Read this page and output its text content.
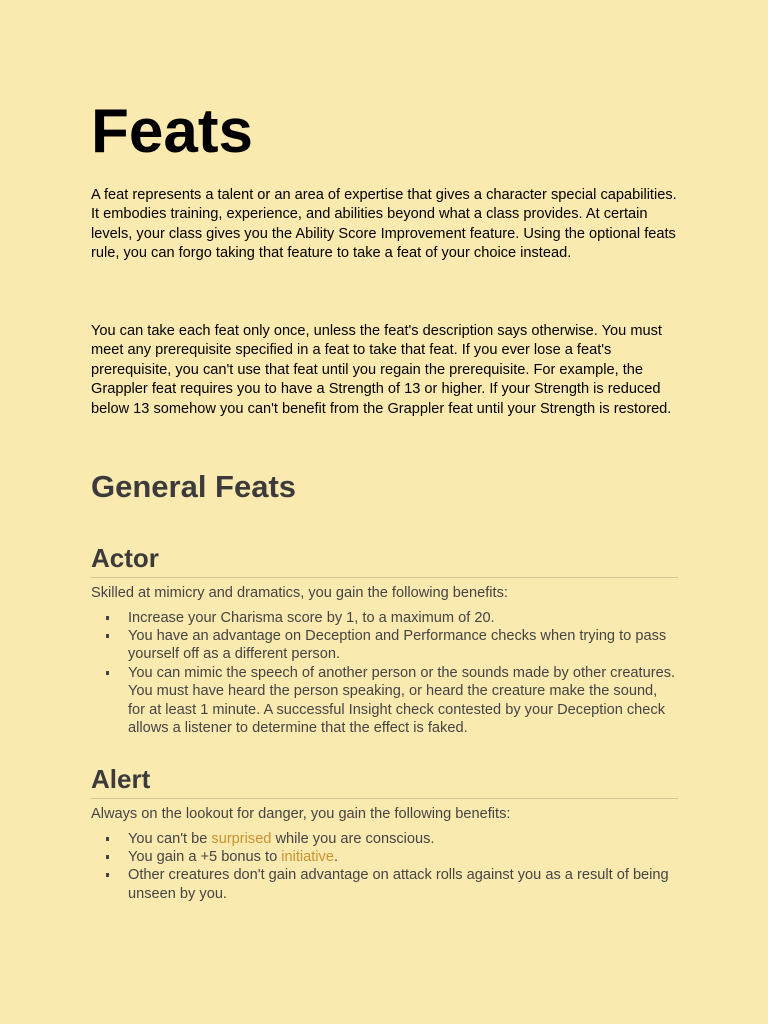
Feats

A feat represents a talent or an area of expertise that gives a character special capabilities. It embodies training, experience, and abilities beyond what a class provides. At certain levels, your class gives you the Ability Score Improvement feature. Using the optional feats rule, you can forgo taking that feature to take a feat of your choice instead.

You can take each feat only once, unless the feat's description says otherwise. You must meet any prerequisite specified in a feat to take that feat. If you ever lose a feat's prerequisite, you can't use that feat until you regain the prerequisite. For example, the Grappler feat requires you to have a Strength of 13 or higher. If your Strength is reduced below 13 somehow you can't benefit from the Grappler feat until your Strength is restored.

General Feats
Actor

Skilled at mimicry and dramatics, you gain the following benefits:

Increase your Charisma score by 1, to a maximum of 20.
You have an advantage on Deception and Performance checks when trying to pass yourself off as a different person.
You can mimic the speech of another person or the sounds made by other creatures. You must have heard the person speaking, or heard the creature make the sound, for at least 1 minute. A successful Insight check contested by your Deception check allows a listener to determine that the effect is faked.
Alert

Always on the lookout for danger, you gain the following benefits:

You can't be surprised while you are conscious.
You gain a +5 bonus to initiative.
Other creatures don't gain advantage on attack rolls against you as a result of being unseen by you.
